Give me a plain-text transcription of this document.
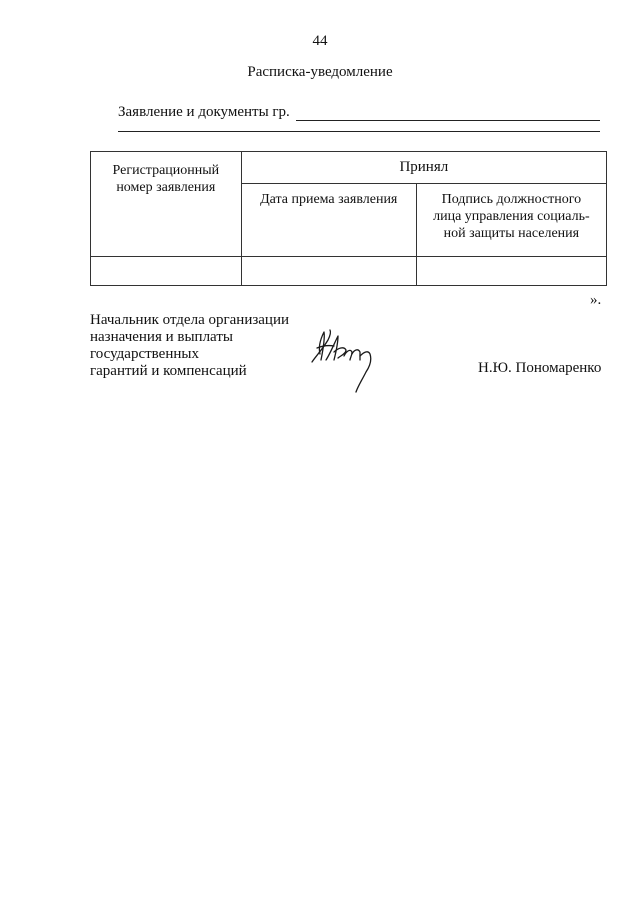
44
Расписка-уведомление
Заявление и документы гр.
Регистрационный
номер заявления	Принял	

	Дата приема заявления	Подпись должностного
лица управления социаль-
ной защиты населения

».
Начальник отдела организации
назначения и выплаты
государственных
гарантий и компенсаций	Н.Ю. Пономаренко
